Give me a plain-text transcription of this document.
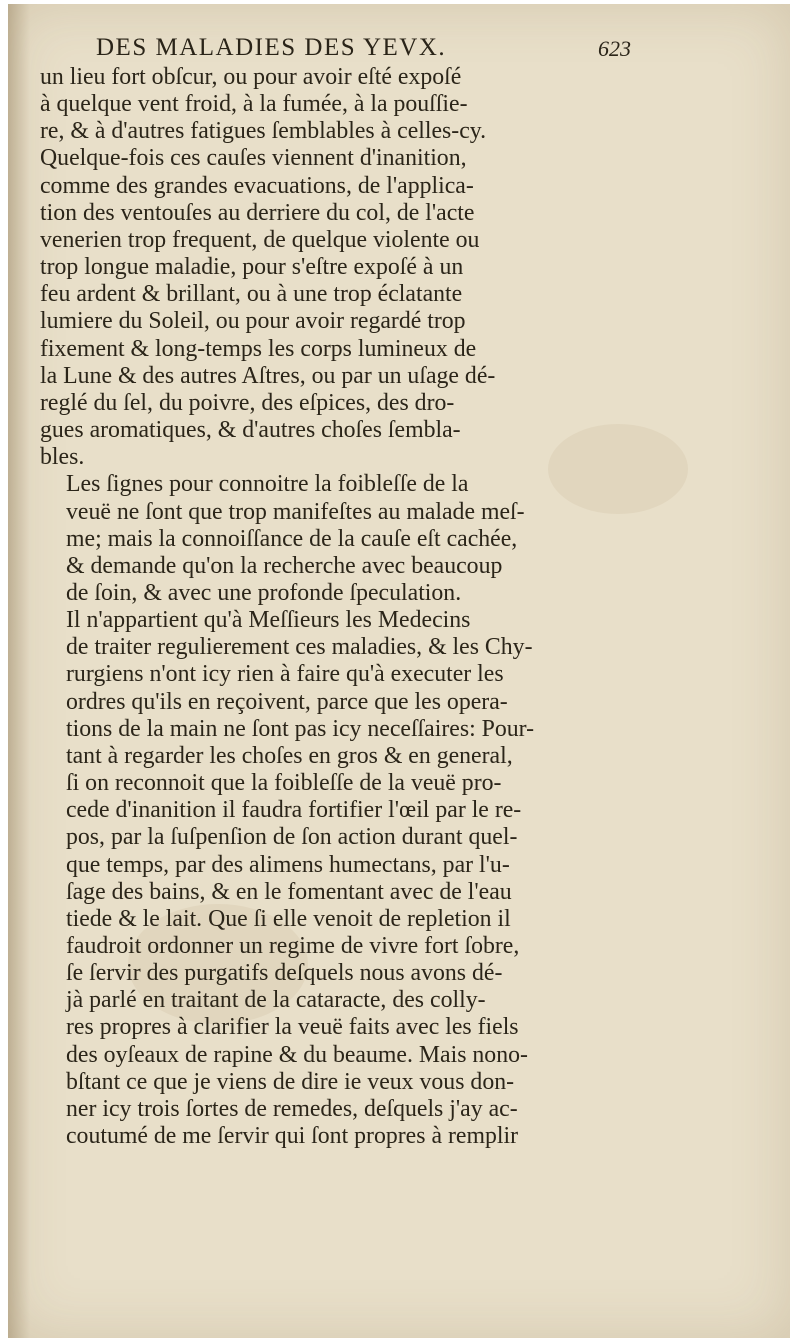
DES MALADIES DES YEVX.	623

un lieu fort obſcur, ou pour avoir eſté expoſé
à quelque vent froid, à la fumée, à la pouſſie-
re, & à d'autres fatigues ſemblables à celles-cy.
Quelque-fois ces cauſes viennent d'inanition,
comme des grandes evacuations, de l'applica-
tion des ventouſes au derriere du col, de l'acte
venerien trop frequent, de quelque violente ou
trop longue maladie, pour s'eſtre expoſé à un
feu ardent & brillant, ou à une trop éclatante
lumiere du Soleil, ou pour avoir regardé trop
fixement & long-temps les corps lumineux de
la Lune & des autres Aſtres, ou par un uſage dé-
reglé du ſel, du poivre, des eſpices, des dro-
gues aromatiques, & d'autres choſes ſembla-
bles.

Les ſignes pour connoitre la foibleſſe de la
veuë ne ſont que trop manifeſtes au malade meſ-
me; mais la connoiſſance de la cauſe eſt cachée,
& demande qu'on la recherche avec beaucoup
de ſoin, & avec une profonde ſpeculation.

Il n'appartient qu'à Meſſieurs les Medecins
de traiter regulierement ces maladies, & les Chy-
rurgiens n'ont icy rien à faire qu'à executer les
ordres qu'ils en reçoivent, parce que les opera-
tions de la main ne ſont pas icy neceſſaires: Pour-
tant à regarder les choſes en gros & en general,
ſi on reconnoit que la foibleſſe de la veuë pro-
cede d'inanition il faudra fortifier l'œil par le re-
pos, par la ſuſpenſion de ſon action durant quel-
que temps, par des alimens humectans, par l'u-
ſage des bains, & en le fomentant avec de l'eau
tiede & le lait. Que ſi elle venoit de repletion il
faudroit ordonner un regime de vivre fort ſobre,
ſe ſervir des purgatifs deſquels nous avons dé-
jà parlé en traitant de la cataracte, des colly-
res propres à clarifier la veuë faits avec les fiels
des oyſeaux de rapine & du beaume. Mais nono-
bſtant ce que je viens de dire ie veux vous don-
ner icy trois ſortes de remedes, deſquels j'ay ac-
coutumé de me ſervir qui ſont propres à remplir
